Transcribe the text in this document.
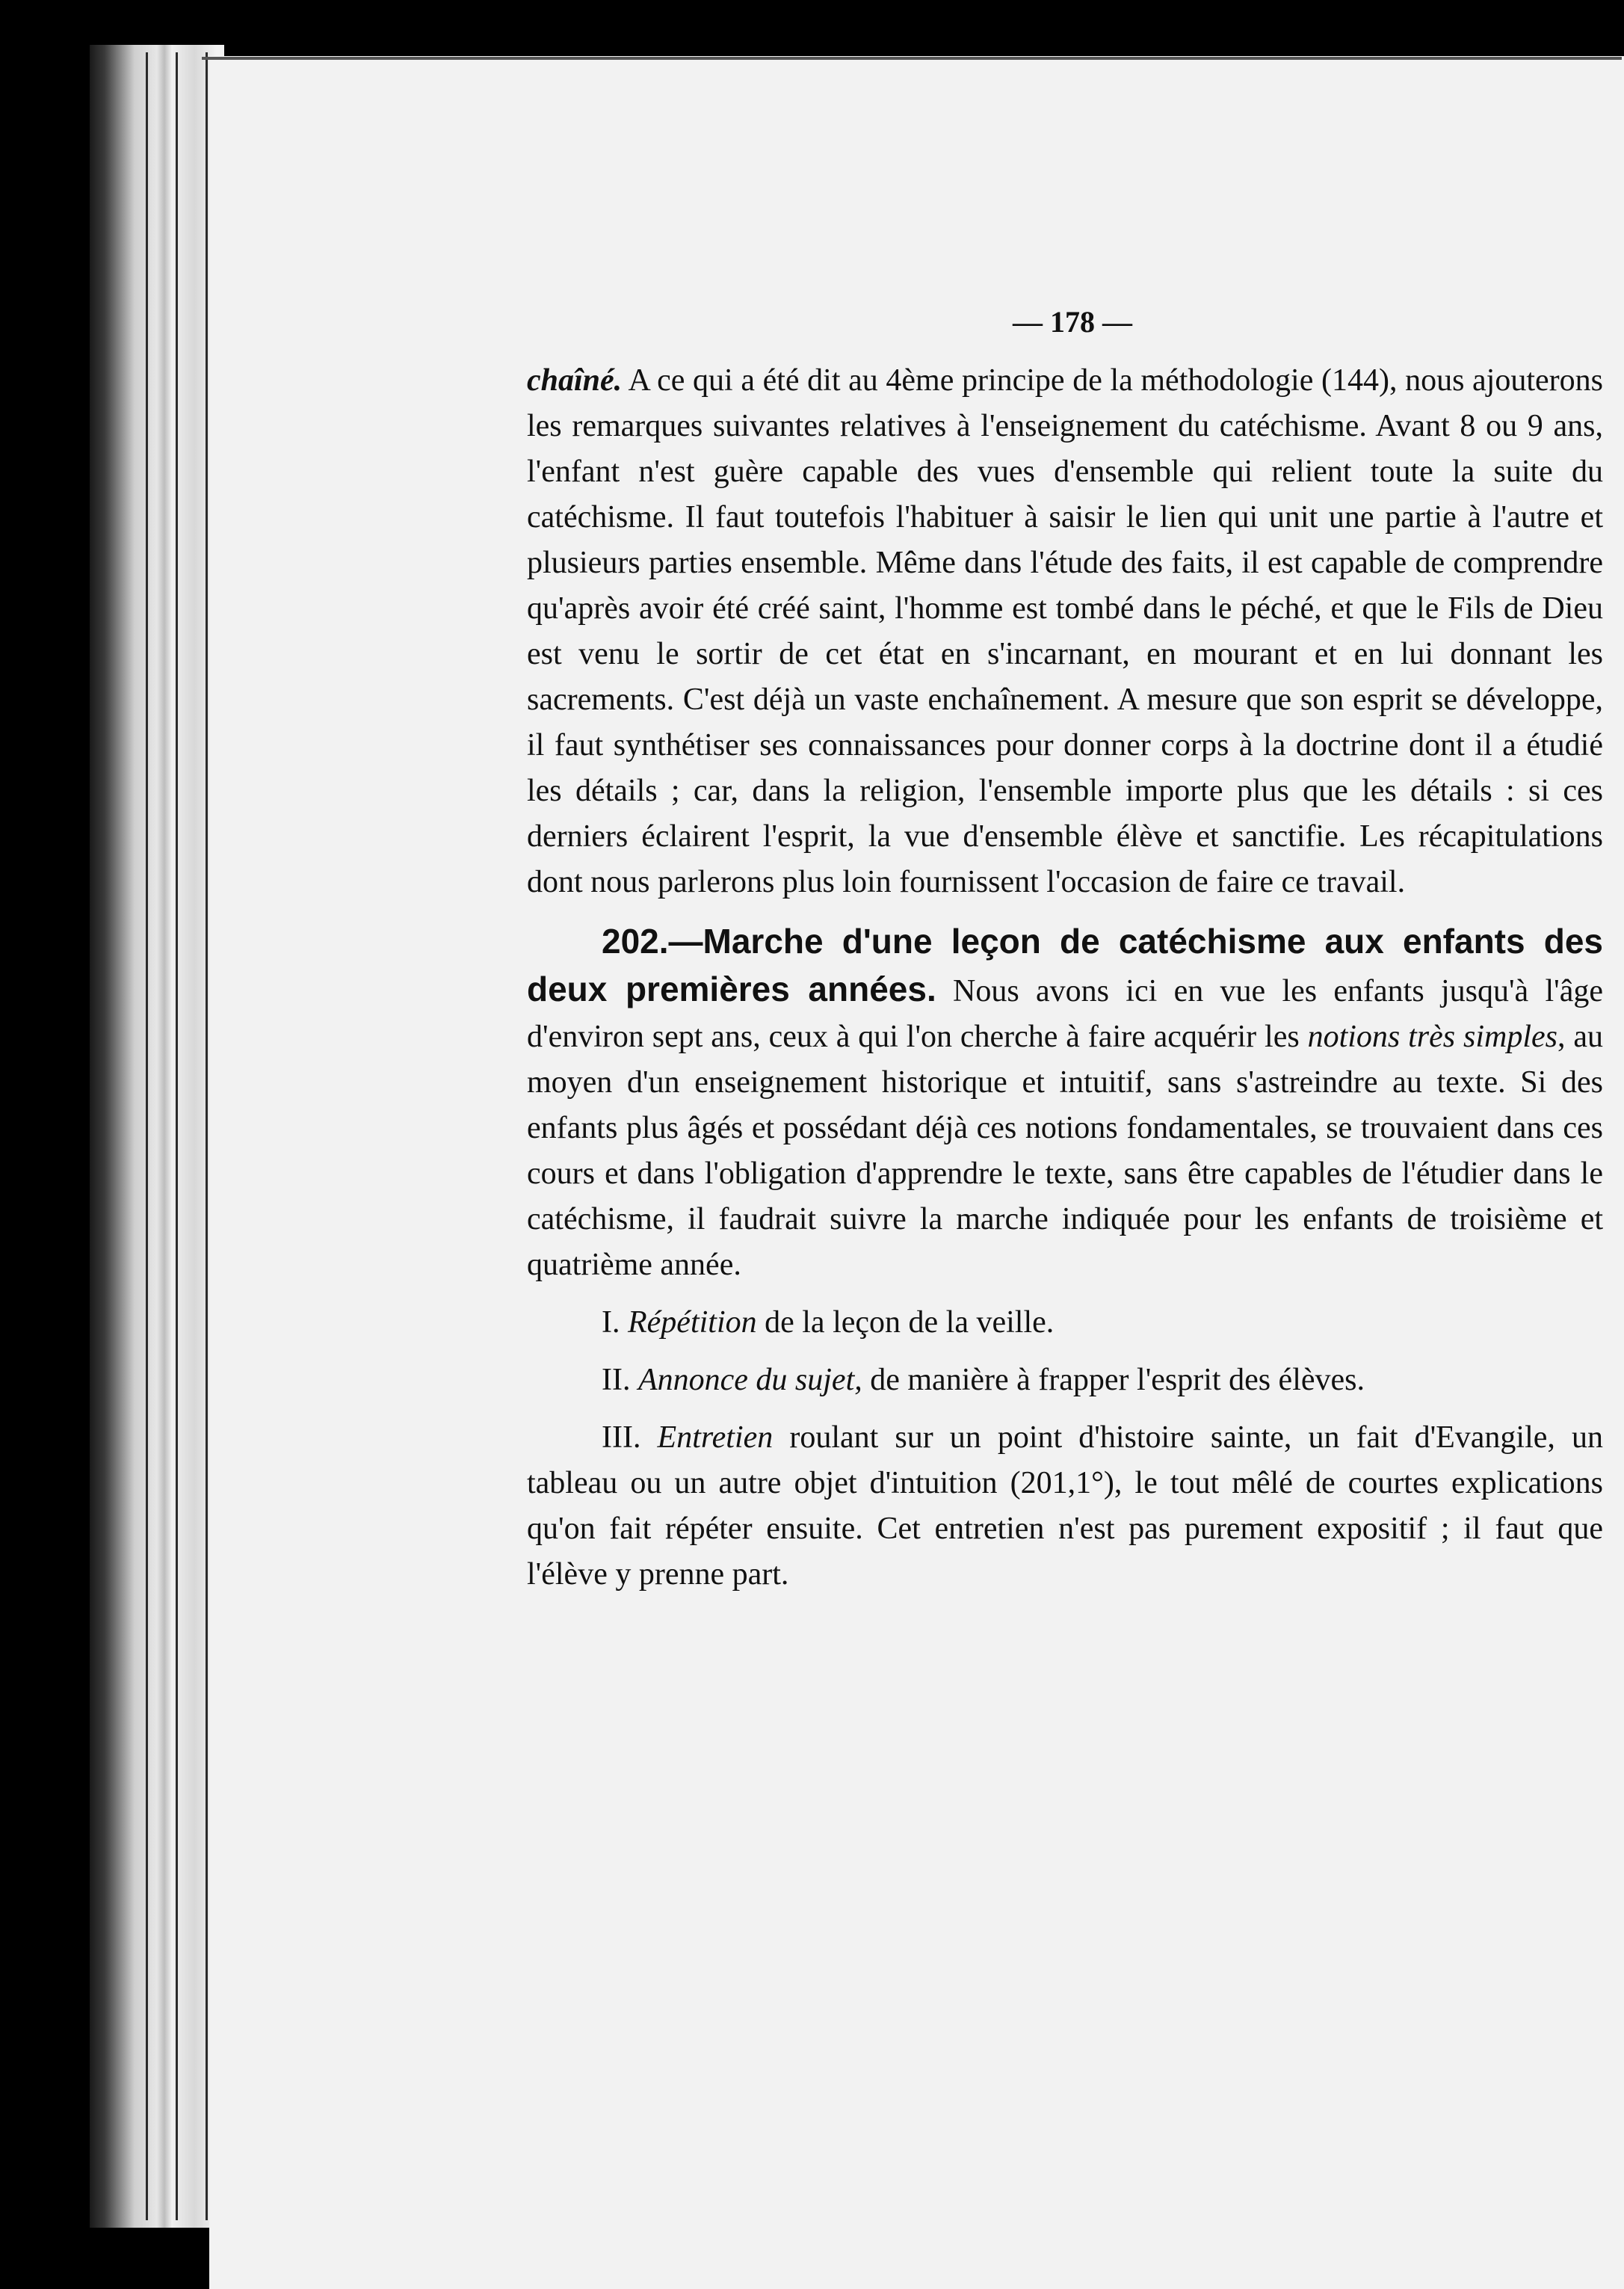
— 178 —

chaîné. A ce qui a été dit au 4ème principe de la méthodologie (144), nous ajouterons les remarques suivantes relatives à l'enseignement du catéchisme. Avant 8 ou 9 ans, l'enfant n'est guère capable des vues d'ensemble qui relient toute la suite du catéchisme. Il faut toutefois l'habituer à saisir le lien qui unit une partie à l'autre et plusieurs parties ensemble. Même dans l'étude des faits, il est capable de comprendre qu'après avoir été créé saint, l'homme est tombé dans le péché, et que le Fils de Dieu est venu le sortir de cet état en s'incarnant, en mourant et en lui donnant les sacrements. C'est déjà un vaste enchaînement. A mesure que son esprit se développe, il faut synthétiser ses connaissances pour donner corps à la doctrine dont il a étudié les détails ; car, dans la religion, l'ensemble importe plus que les détails : si ces derniers éclairent l'esprit, la vue d'ensemble élève et sanctifie. Les récapitulations dont nous parlerons plus loin fournissent l'occasion de faire ce travail.

202.—Marche d'une leçon de catéchisme aux enfants des deux premières années. Nous avons ici en vue les enfants jusqu'à l'âge d'environ sept ans, ceux à qui l'on cherche à faire acquérir les notions très simples, au moyen d'un enseignement historique et intuitif, sans s'astreindre au texte. Si des enfants plus âgés et possédant déjà ces notions fondamentales, se trouvaient dans ces cours et dans l'obligation d'apprendre le texte, sans être capables de l'étudier dans le catéchisme, il faudrait suivre la marche indiquée pour les enfants de troisième et quatrième année.

I. Répétition de la leçon de la veille.

II. Annonce du sujet, de manière à frapper l'esprit des élèves.

III. Entretien roulant sur un point d'histoire sainte, un fait d'Evangile, un tableau ou un autre objet d'intuition (201,1°), le tout mêlé de courtes explications qu'on fait répéter ensuite. Cet entretien n'est pas purement expositif ; il faut que l'élève y prenne part.
